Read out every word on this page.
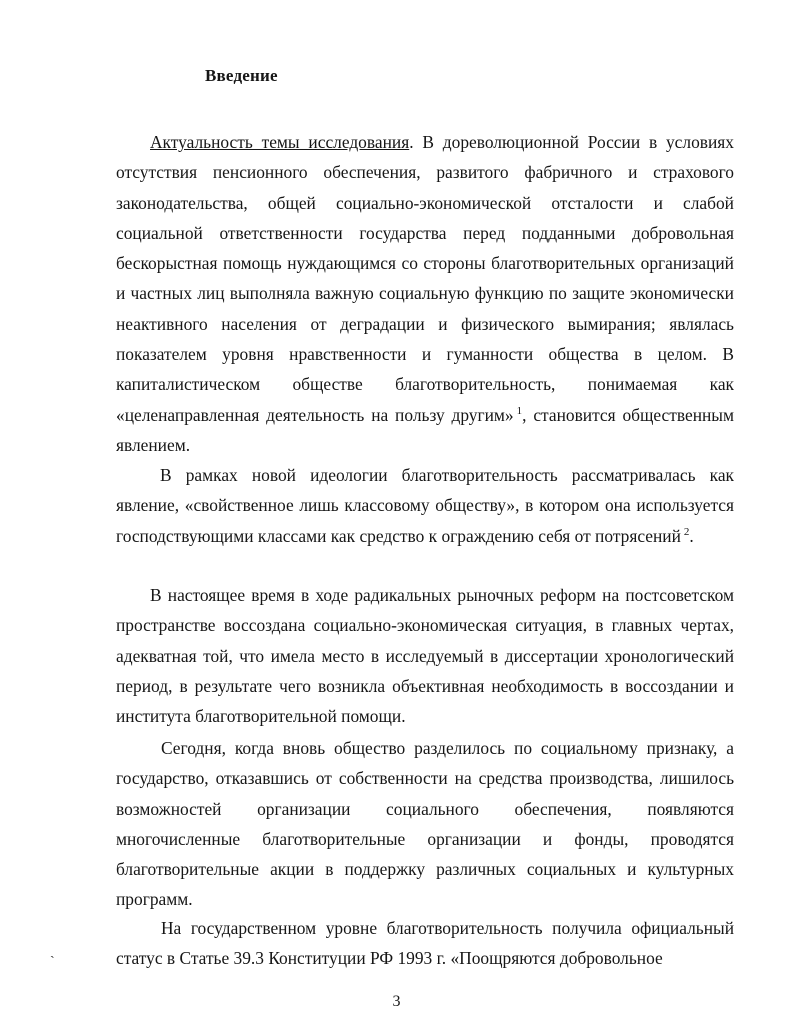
Введение

Актуальность темы исследования. В дореволюционной России в условиях отсутствия пенсионного обеспечения, развитого фабричного и страхового законодательства, общей социально-экономической отсталости и слабой социальной ответственности государства перед подданными добровольная бескорыстная помощь нуждающимся со стороны благотворительных организаций и частных лиц выполняла важную социальную функцию по защите экономически неактивного населения от деградации и физического вымирания; являлась показателем уровня нравственности и гуманности общества в целом. В капиталистическом обществе благотворительность, понимаемая как «целенаправленная деятельность на пользу другим» $^1$, становится общественным явлением.

В рамках новой идеологии благотворительность рассматривалась как явление, «свойственное лишь классовому обществу», в котором она используется господствующими классами как средство к ограждению себя от потрясений $^2$.

В настоящее время в ходе радикальных рыночных реформ на постсоветском пространстве воссоздана социально-экономическая ситуация, в главных чертах, адекватная той, что имела место в исследуемый в диссертации хронологический период, в результате чего возникла объективная необходимость в воссоздании и института благотворительной помощи.

Сегодня, когда вновь общество разделилось по социальному признаку, а государство, отказавшись от собственности на средства производства, лишилось возможностей организации социального обеспечения, появляются многочисленные благотворительные организации и фонды, проводятся благотворительные акции в поддержку различных социальных и культурных программ.

На государственном уровне благотворительность получила официальный статус в Статье 39.3 Конституции РФ 1993 г. «Поощряются добровольное

ˏ
3
